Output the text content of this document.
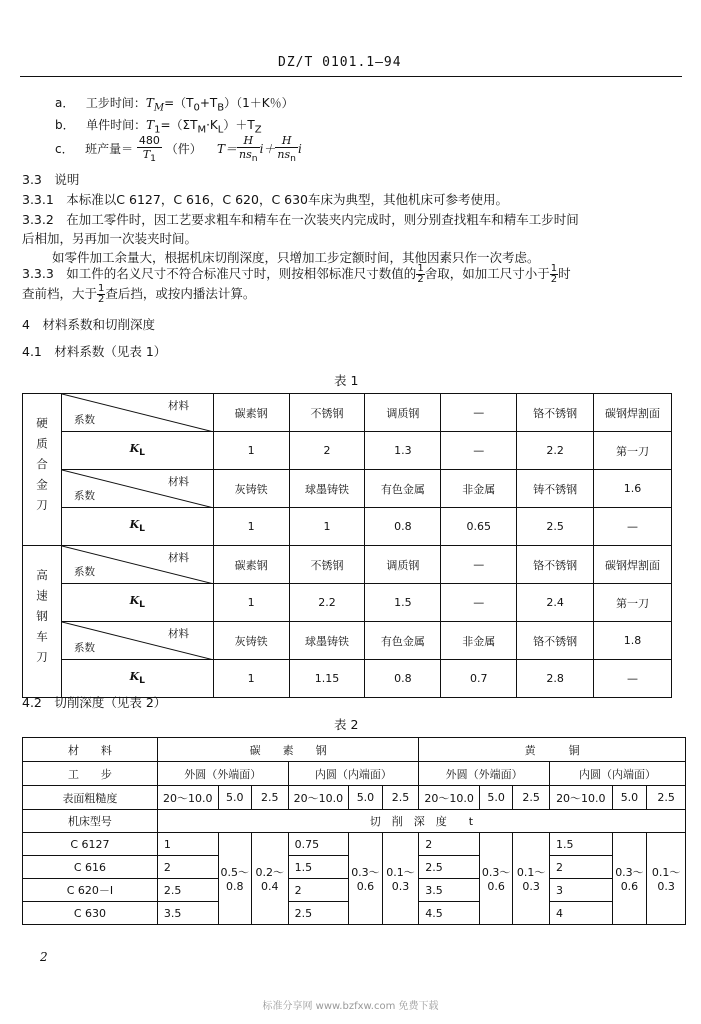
DZ/T 0101.1—94
a． 工步时间：$T_M=(T_0+T_B)(1+K$％）
b． 单件时间：$T_1=(\Sigma T_M\cdot K_L)+T_Z$
c． 班产量＝ $\frac{480}{T_1}$ （件） $T= \frac{H}{ns_n} i+ \frac{H}{ns_n}$ i
3.3　说明
3.3.1　本标准以C 6127，C 616，C 620，C 630车床为典型，其他机床可参考使用。
3.3.2　在加工零件时，因工艺要求粗车和精车在一次装夹内完成时，则分别查找粗车和精车工步时间
后相加，另再加一次装夹时间。
如零件加工余量大，根据机床切削深度，只增加工步定额时间，其他因素只作一次考虑。
3.3.3　如工件的名义尺寸不符合标准尺寸时，则按相邻标准尺寸数值的 $\frac{1}{2}$ 舍取，如加工尺寸小于 $\frac{1}{2}$ 时
查前档，大于 $\frac{1}{2}$ 查后挡，或按内播法计算。
4　材料系数和切削深度
4.1　材料系数（见表 1）
表 1
硬质合金刀	材料
系数	碳素钢	不锈钢	调质钢	—	铬不锈钢	碳钢焊割面
	$K_L$	1	2	1.3	—	2.2	第一刀

	材料
系数	灰铸铁	球墨铸铁	有色金属	非金属	铸不锈钢	1.6
	$K_L$	1	1	0.8	0.65	2.5	—
高速钢车刀	材料
系数	碳素钢	不锈钢	调质钢	—	铬不锈钢	碳钢焊割面
	$K_L$	1	2.2	1.5	—	2.4	第一刀

	材料
系数	灰铸铁	球墨铸铁	有色金属	非金属	铬不锈钢	1.8
	$K_L$	1	1.15	0.8	0.7	2.8	—
4.2　切削深度（见表 2）
表 2
材　　料	碳　　素　　钢						黄　　　铜					
工　　步	外圆（外端面）			内圆（内端面）			外圆（外端面）			内圆（内端面）		
表面粗糙度	20～10.0	5.0	2.5	20～10.0	5.0	2.5	20～10.0	5.0	2.5	20～10.0	5.0	2.5
机床型号	切　削　深　度　　t											
C 6127	1	0.5～0.8	0.2～0.4	0.75	0.3～0.6	0.1～0.3	2	0.3～0.6	0.1～0.3	1.5	0.3～0.6	0.1～0.3
C 616	2			1.5			2.5			2		
C 620－Ⅰ	2.5			2			3.5			3		
C 630	3.5			2.5			4.5			4		
2
标准分享网 www.bzfxw.com 免费下载
